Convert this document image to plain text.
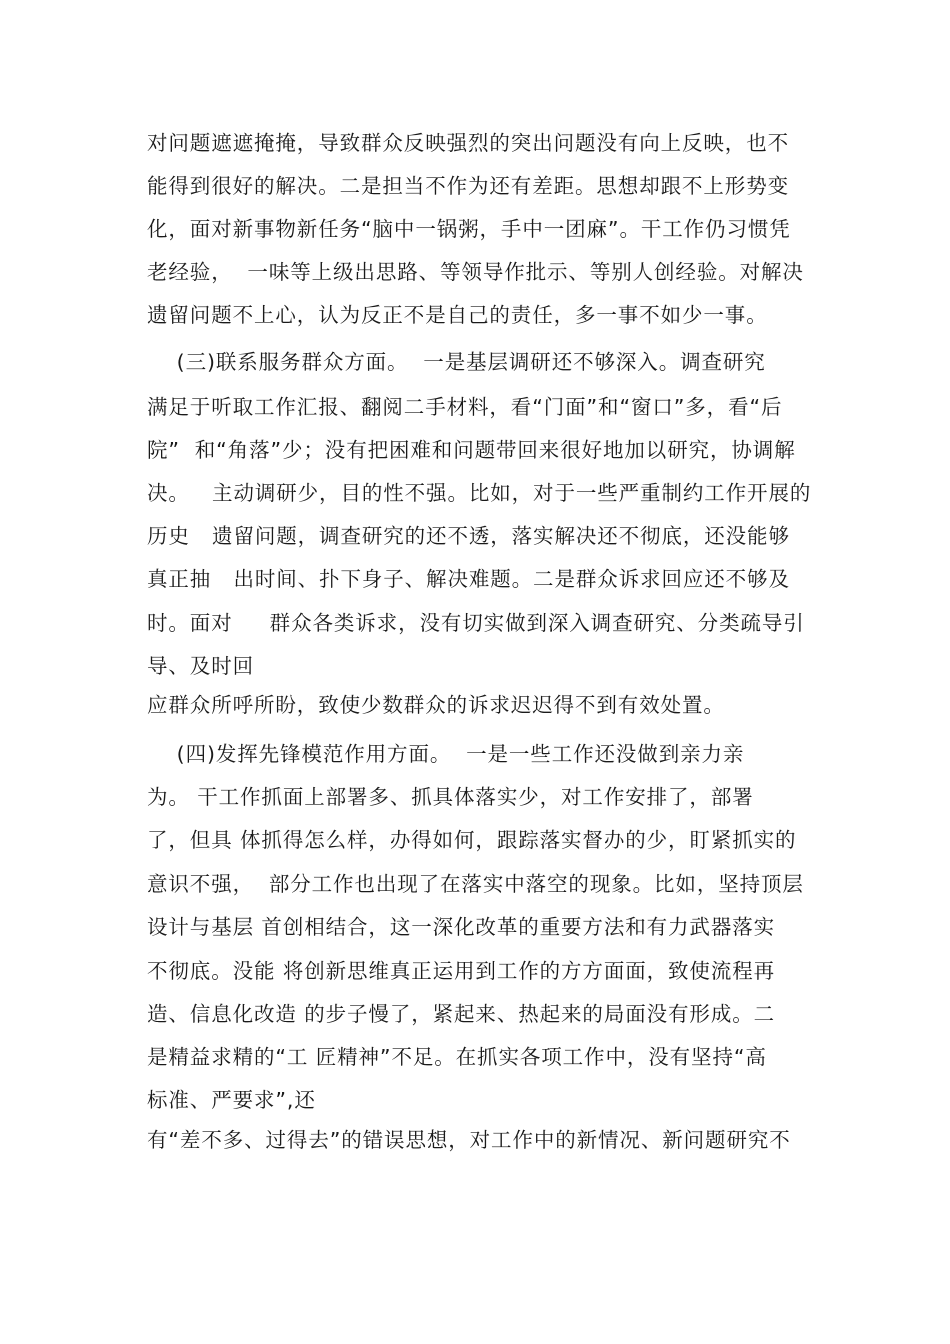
对问题遮遮掩掩，导致群众反映强烈的突出问题没有向上反映，也不
能得到很好的解决。二是担当不作为还有差距。思想却跟不上形势变
化，面对新事物新任务“脑中一锅粥，手中一团麻”。干工作仍习惯凭
老经验，  一味等上级出思路、等领导作批示、等别人创经验。对解决
遗留问题不上心，认为反正不是自己的责任，多一事不如少一事。
(三)联系服务群众方面。  一是基层调研还不够深入。调查研究
满足于听取工作汇报、翻阅二手材料，看“门面”和“窗口”多，看“后
院”  和“角落”少；没有把困难和问题带回来很好地加以研究，协调解
决。   主动调研少，目的性不强。比如，对于一些严重制约工作开展的
历史   遗留问题，调查研究的还不透，落实解决还不彻底，还没能够
真正抽   出时间、扑下身子、解决难题。二是群众诉求回应还不够及
时。面对     群众各类诉求，没有切实做到深入调查研究、分类疏导引
导、及时回
应群众所呼所盼，致使少数群众的诉求迟迟得不到有效处置。
(四)发挥先锋模范作用方面。  一是一些工作还没做到亲力亲
为。 干工作抓面上部署多、抓具体落实少，对工作安排了，部署
了，但具 体抓得怎么样，办得如何，跟踪落实督办的少，盯紧抓实的
意识不强，  部分工作也出现了在落实中落空的现象。比如，坚持顶层
设计与基层 首创相结合，这一深化改革的重要方法和有力武器落实
不彻底。没能 将创新思维真正运用到工作的方方面面，致使流程再
造、信息化改造 的步子慢了，紧起来、热起来的局面没有形成。二
是精益求精的“工 匠精神”不足。在抓实各项工作中，没有坚持“高
标准、严要求”,还
有“差不多、过得去”的错误思想，对工作中的新情况、新问题研究不
